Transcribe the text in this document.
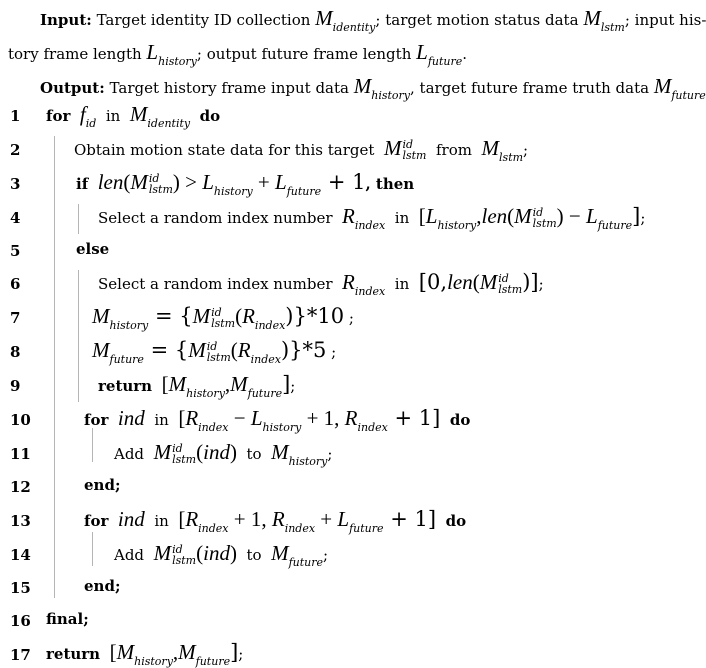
Input: Target identity ID collection $M_{identity}$; target motion status data $M_{lstm}$; input his-
tory frame length $L_{history}$; output future frame length $L_{future}$.
Output: Target history frame input data $M_{history}$, target future frame truth data $M_{future}$
1 for $f_{id}$ in $M_{identity}$ do
2	Obtain motion state data for this target M id
lstm from $M_{lstm}$;
3	if len(M id
lstm ) > $L_{history} + L_{future} + 1$, then
4	Select a random index number $R_{index}$ in [$L_{history},len(M$ id
lstm ) − $L_{future}$];
5	else
6	Select a random index number $R_{index}$ in [0,len(M id
lstm )];
7	$M_{history} = \{M$ id
lstm $(R_{index})\}*10$ ;
8	$M_{future} = \{M$ id
lstm $(R_{index})\}*5$ ;
9	return $[M_{history},M_{future}]$;
10	for ind in [$R_{index} - L_{history} + 1$, $R_{index} + 1$] do
11	Add M id
lstm (ind) to $M_{history}$;
12	end;
13	for ind in [$R_{index} + 1$, $R_{index} + L_{future} + 1$] do
14	Add M id
lstm (ind) to $M_{future}$;
15	end;
16 final;
17 return $[M_{history},M_{future}]$;
